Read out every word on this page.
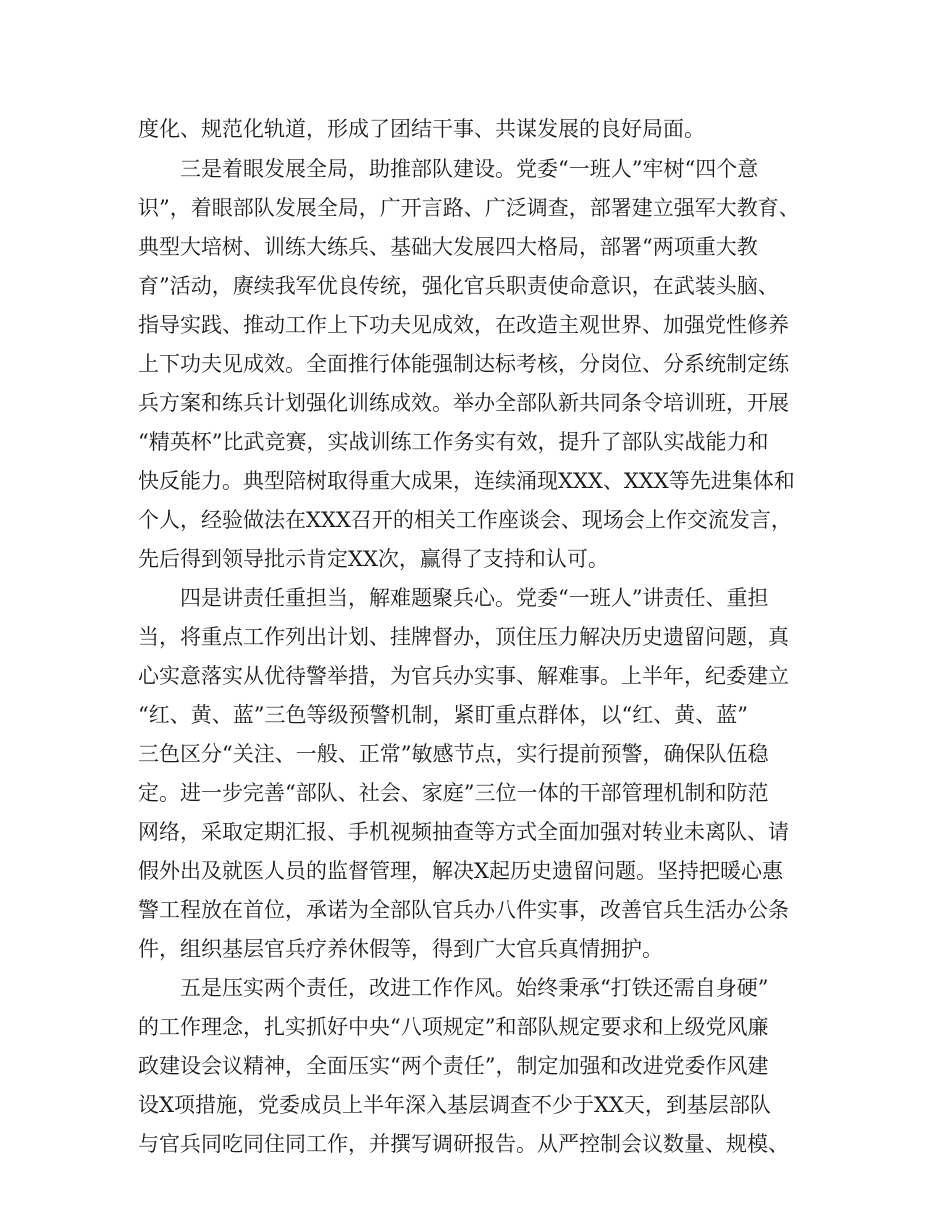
度化、规范化轨道，形成了团结干事、共谋发展的良好局面。
三是着眼发展全局，助推部队建设。党委“一班人”牢树“四个意
识”，着眼部队发展全局，广开言路、广泛调查，部署建立强军大教育、
典型大培树、训练大练兵、基础大发展四大格局，部署“两项重大教
育”活动，赓续我军优良传统，强化官兵职责使命意识，在武装头脑、
指导实践、推动工作上下功夫见成效，在改造主观世界、加强党性修养
上下功夫见成效。全面推行体能强制达标考核，分岗位、分系统制定练
兵方案和练兵计划强化训练成效。举办全部队新共同条令培训班，开展
“精英杯”比武竞赛，实战训练工作务实有效，提升了部队实战能力和
快反能力。典型陪树取得重大成果，连续涌现XXX、XXX等先进集体和
个人，经验做法在XXX召开的相关工作座谈会、现场会上作交流发言，
先后得到领导批示肯定XX次，赢得了支持和认可。
四是讲责任重担当，解难题聚兵心。党委“一班人”讲责任、重担
当，将重点工作列出计划、挂牌督办，顶住压力解决历史遗留问题，真
心实意落实从优待警举措，为官兵办实事、解难事。上半年，纪委建立
“红、黄、蓝”三色等级预警机制，紧盯重点群体，以“红、黄、蓝”
三色区分“关注、一般、正常”敏感节点，实行提前预警，确保队伍稳
定。进一步完善“部队、社会、家庭”三位一体的干部管理机制和防范
网络，采取定期汇报、手机视频抽查等方式全面加强对转业未离队、请
假外出及就医人员的监督管理，解决X起历史遗留问题。坚持把暖心惠
警工程放在首位，承诺为全部队官兵办八件实事，改善官兵生活办公条
件，组织基层官兵疗养休假等，得到广大官兵真情拥护。
五是压实两个责任，改进工作作风。始终秉承“打铁还需自身硬”
的工作理念，扎实抓好中央“八项规定”和部队规定要求和上级党风廉
政建设会议精神，全面压实“两个责任”，制定加强和改进党委作风建
设X项措施，党委成员上半年深入基层调查不少于XX天，到基层部队
与官兵同吃同住同工作，并撰写调研报告。从严控制会议数量、规模、
